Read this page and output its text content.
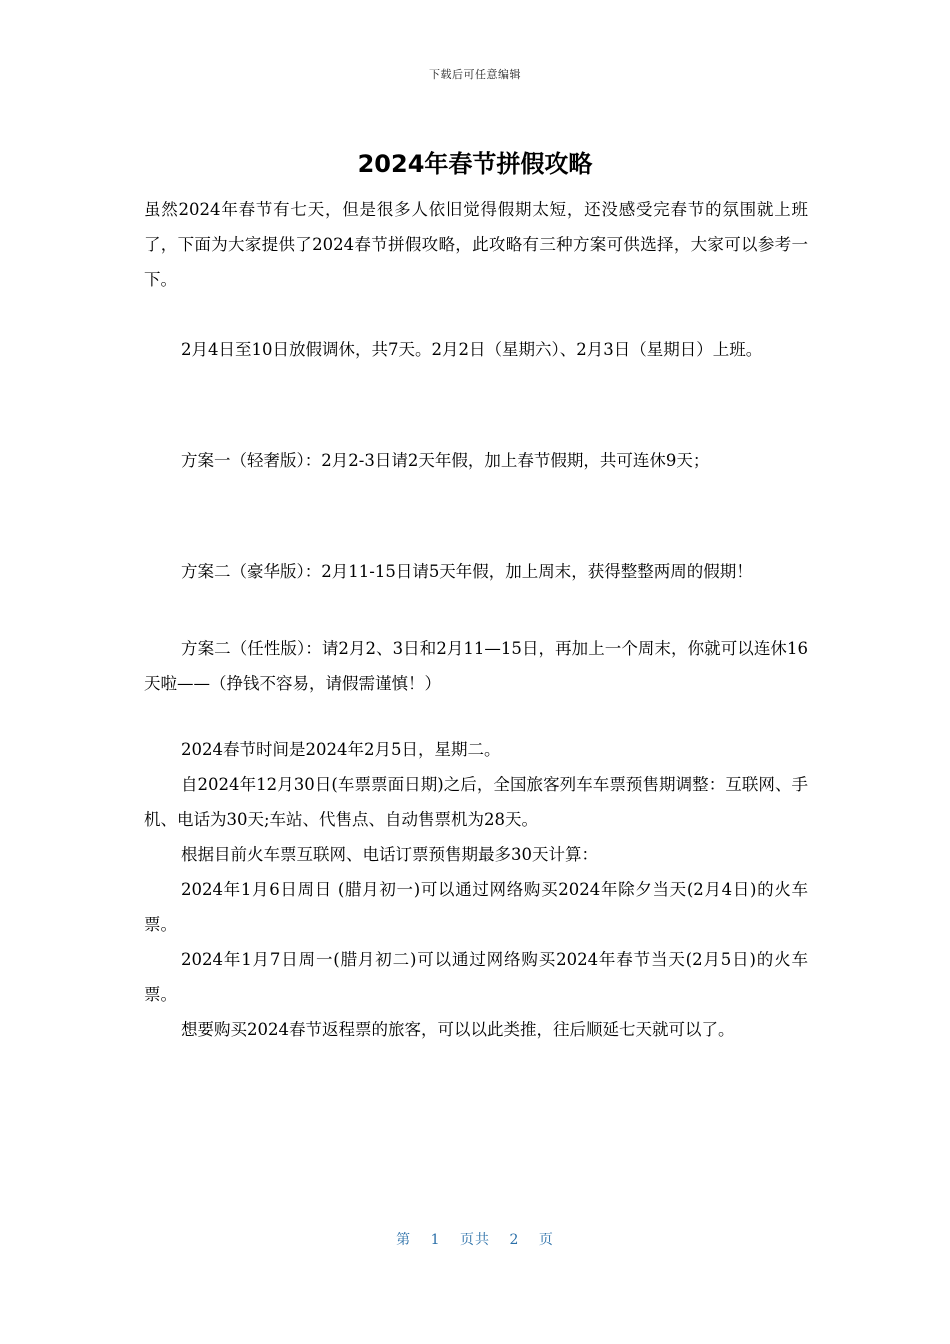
下载后可任意编辑
2024年春节拼假攻略

虽然2024年春节有七天，但是很多人依旧觉得假期太短，还没感受完春节的氛围就上班了，下面为大家提供了2024春节拼假攻略，此攻略有三种方案可供选择，大家可以参考一下。

2月4日至10日放假调休，共7天。2月2日（星期六）、2月3日（星期日）上班。

方案一（轻奢版）：2月2-3日请2天年假，加上春节假期，共可连休9天；

方案二（豪华版）：2月11-15日请5天年假，加上周末，获得整整两周的假期！

方案二（任性版）：请2月2、3日和2月11—15日，再加上一个周末，你就可以连休16天啦——（挣钱不容易，请假需谨慎！）

2024春节时间是2024年2月5日，星期二。

自2024年12月30日(车票票面日期)之后，全国旅客列车车票预售期调整：互联网、手机、电话为30天;车站、代售点、自动售票机为28天。

根据目前火车票互联网、电话订票预售期最多30天计算：

2024年1月6日周日 (腊月初一)可以通过网络购买2024年除夕当天(2月4日)的火车票。

2024年1月7日周一(腊月初二)可以通过网络购买2024年春节当天(2月5日)的火车票。

想要购买2024春节返程票的旅客，可以以此类推，往后顺延七天就可以了。

第 1 页共 2 页
